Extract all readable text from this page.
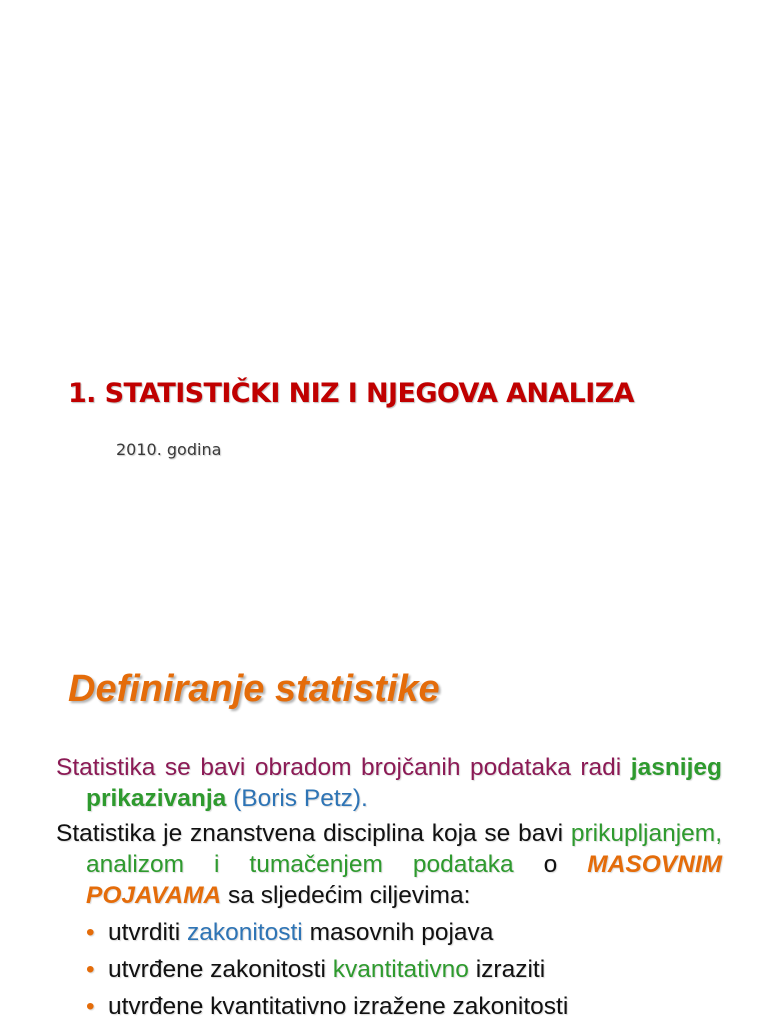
1. STATISTIČKI NIZ I NJEGOVA ANALIZA
2010. godina
Definiranje statistike

Statistika se bavi obradom brojčanih podataka radi jasnijeg prikazivanja (Boris Petz).

Statistika je znanstvena disciplina koja se bavi prikupljanjem, analizom i tumačenjem podataka o MASOVNIM POJAVAMA sa sljedećim ciljevima:

• utvrditi zakonitosti masovnih pojava
• utvrđene zakonitosti kvantitativno izraziti
• utvrđene kvantitativno izražene zakonitosti
